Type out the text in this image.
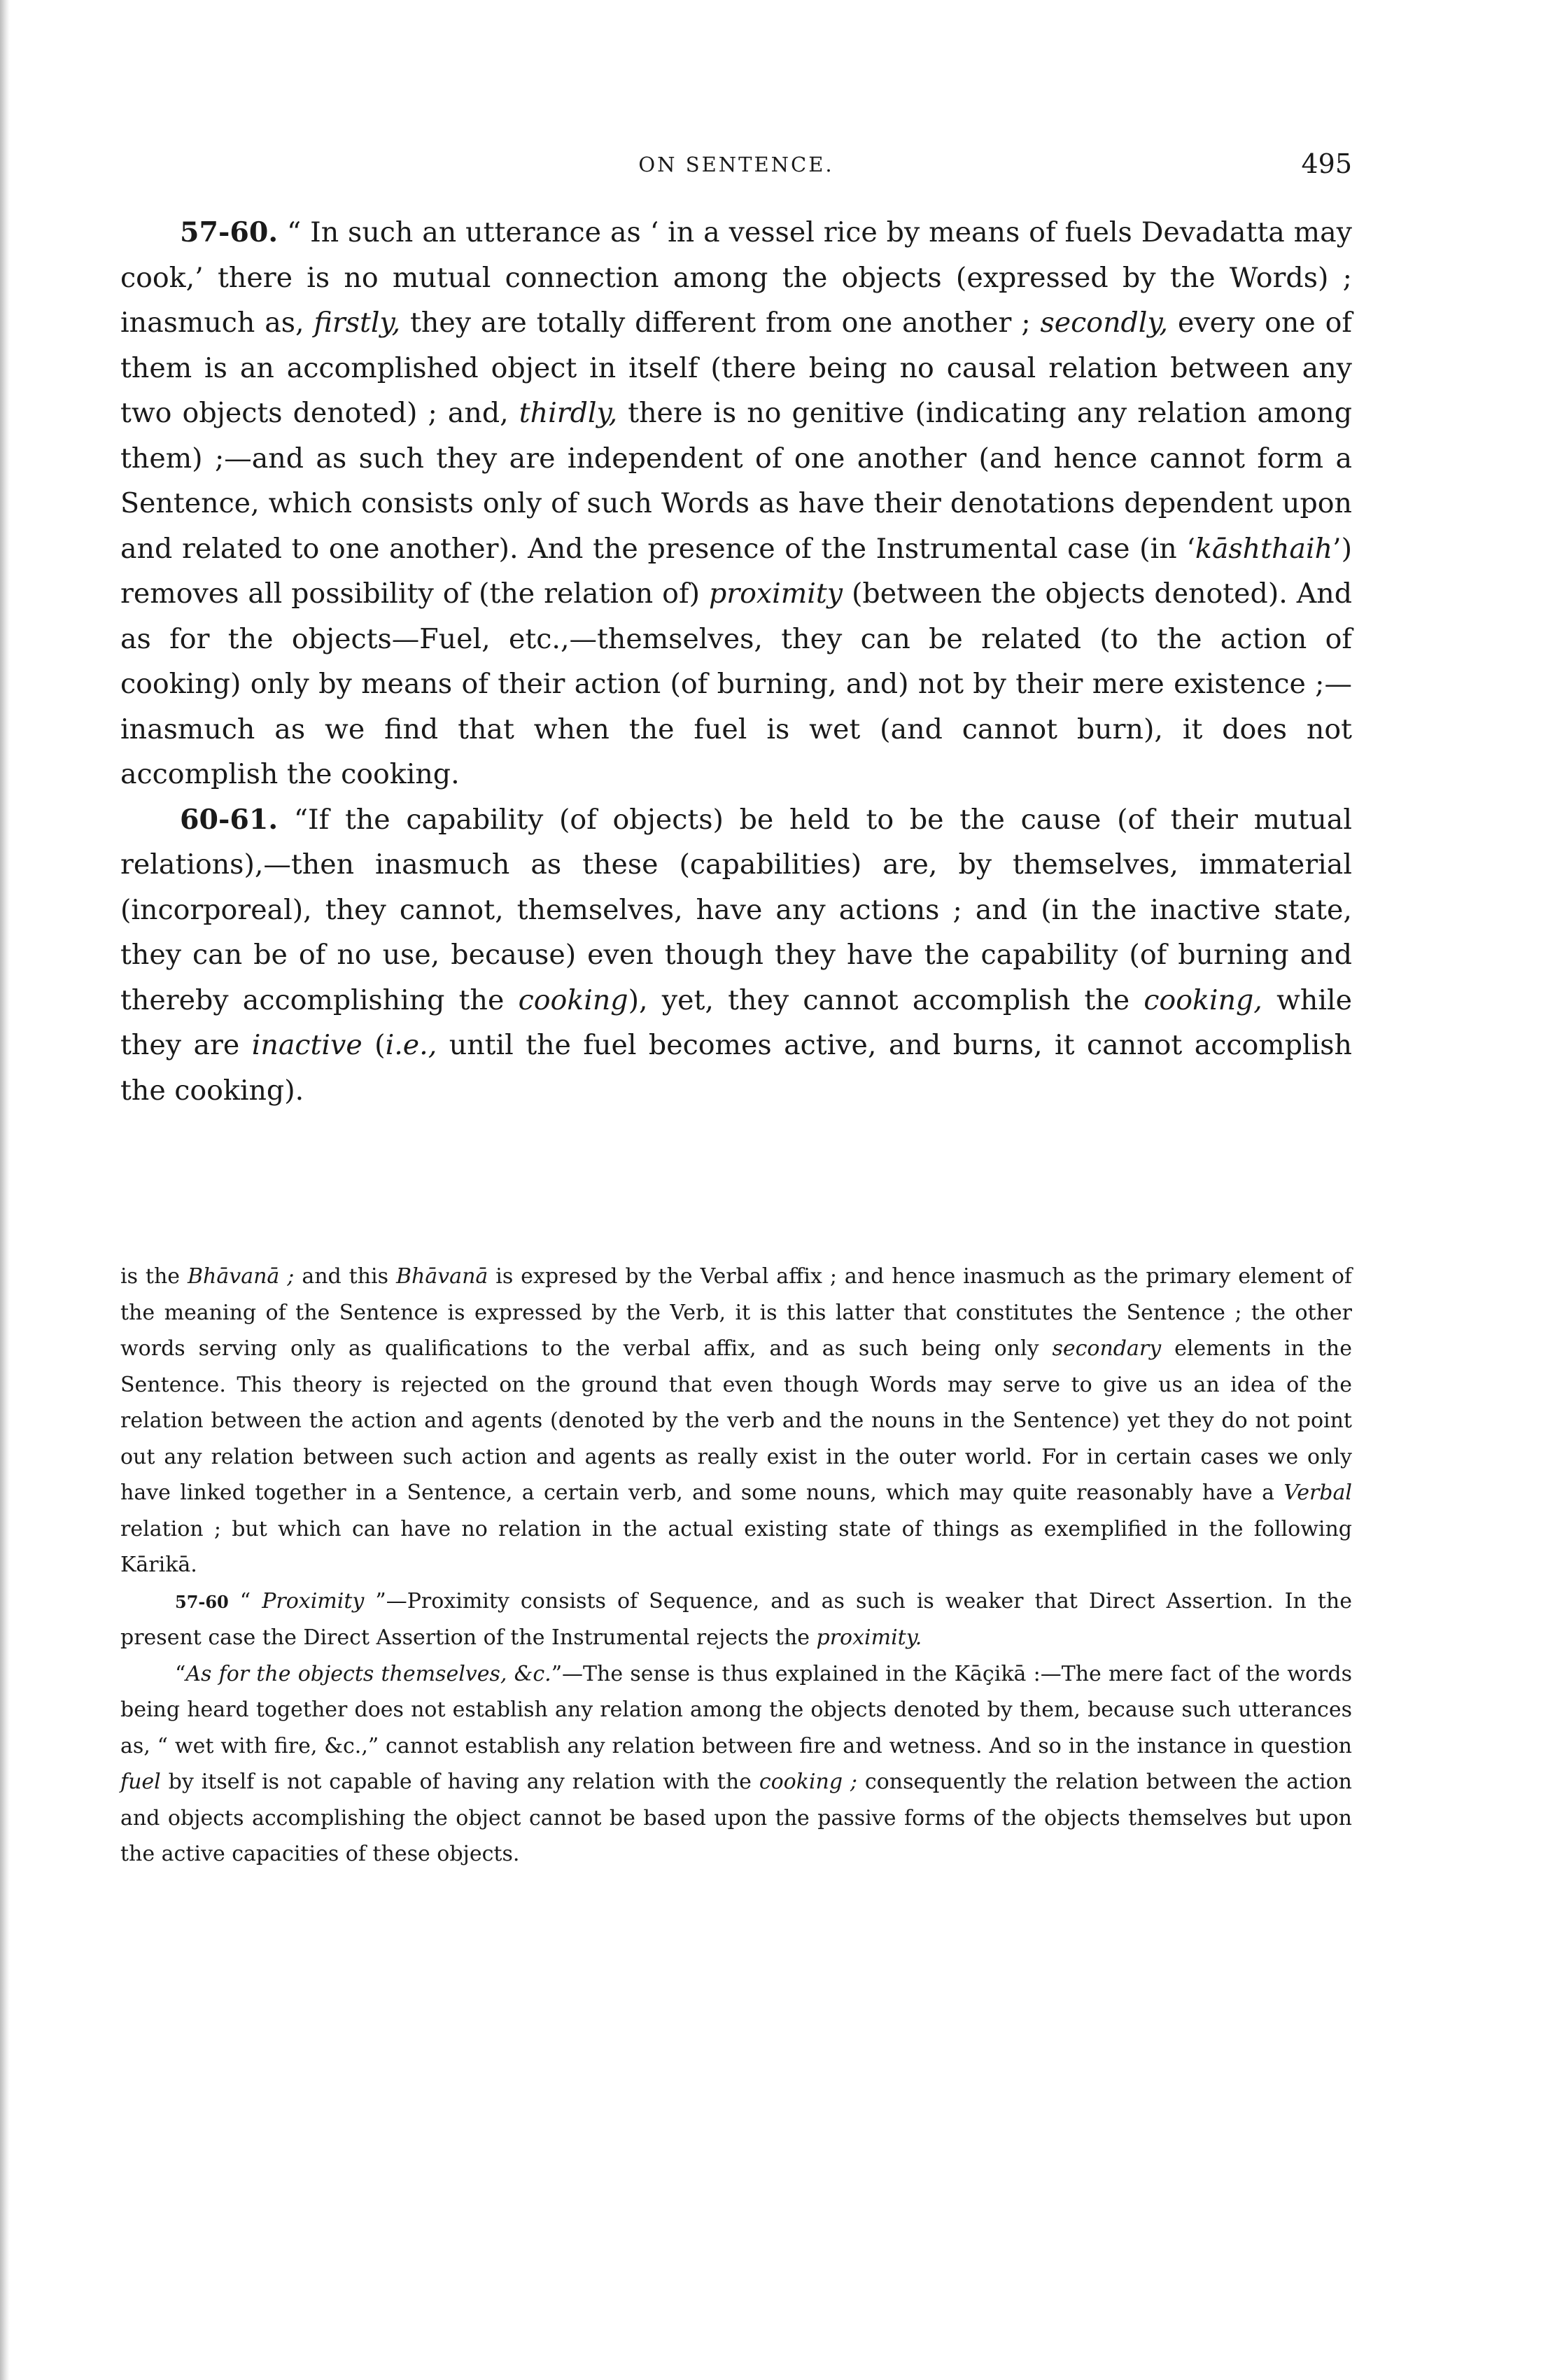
ON SENTENCE.	495

57-60. “ In such an utterance as ‘ in a vessel rice by means of fuels Devadatta may cook,’ there is no mutual connection among the objects (expressed by the Words) ; inasmuch as, firstly, they are totally different from one another ; secondly, every one of them is an accomplished object in itself (there being no causal relation between any two objects denoted) ; and, thirdly, there is no genitive (indicating any relation among them) ;—and as such they are independent of one another (and hence cannot form a Sentence, which consists only of such Words as have their denotations dependent upon and related to one another). And the presence of the Instrumental case (in ‘kāshthaih’) removes all possibility of (the relation of) proximity (between the objects denoted). And as for the objects—Fuel, etc.,—themselves, they can be related (to the action of cooking) only by means of their action (of burning, and) not by their mere existence ;—inasmuch as we find that when the fuel is wet (and cannot burn), it does not accomplish the cooking.

60-61. “If the capability (of objects) be held to be the cause (of their mutual relations),—then inasmuch as these (capabilities) are, by themselves, immaterial (incorporeal), they cannot, themselves, have any actions ; and (in the inactive state, they can be of no use, because) even though they have the capability (of burning and thereby accomplishing the cooking), yet, they cannot accomplish the cooking, while they are inactive (i.e., until the fuel becomes active, and burns, it cannot accomplish the cooking).

is the Bhāvanā ; and this Bhāvanā is expresed by the Verbal affix ; and hence inasmuch as the primary element of the meaning of the Sentence is expressed by the Verb, it is this latter that constitutes the Sentence ; the other words serving only as qualifications to the verbal affix, and as such being only secondary elements in the Sentence. This theory is rejected on the ground that even though Words may serve to give us an idea of the relation between the action and agents (denoted by the verb and the nouns in the Sentence) yet they do not point out any relation between such action and agents as really exist in the outer world. For in certain cases we only have linked together in a Sentence, a certain verb, and some nouns, which may quite reasonably have a Verbal relation ; but which can have no relation in the actual existing state of things as exemplified in the following Kārikā.

57-60 “ Proximity ”—Proximity consists of Sequence, and as such is weaker that Direct Assertion. In the present case the Direct Assertion of the Instrumental rejects the proximity.

“As for the objects themselves, &c.”—The sense is thus explained in the Kāçikā :—The mere fact of the words being heard together does not establish any relation among the objects denoted by them, because such utterances as, “ wet with fire, &c.,” cannot establish any relation between fire and wetness. And so in the instance in question fuel by itself is not capable of having any relation with the cooking ; consequently the relation between the action and objects accomplishing the object cannot be based upon the passive forms of the objects themselves but upon the active capacities of these objects.
